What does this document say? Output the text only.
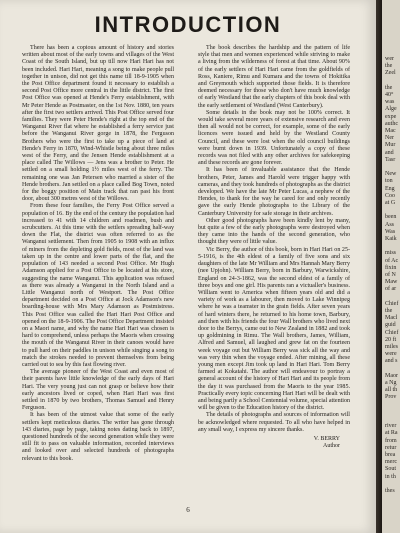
INTRODUCTION

There has been a copious amount of history and stories written about most of the early towns and villages of the West Coast of the South Island, but up till now Hari Hari has not been included. Hari Hari, meaning a song to make people pull together in unison, did not get this name till 18-9-1905 when the Post Office department found it necessary to establish a second Post Office more central in the little district. The first Post Office was opened at Hende's Ferry establishment, with Mr Peter Hende as Postmaster, on the 1st Nov. 1880, ten years after the first two settlers arrived. This Post Office served four families. They were Peter Hende's right at the top end of the Wanganui River flat where he established a ferry service just before the Wanganui River gorge in 1878, the Ferguson Brothers who were the first to take up a piece of land at Hende's Ferry in 1870, Wind-Whistle being about three miles west of the Ferry, and the Jensen Hende establishment at a place called The Willows — Jens was a brother to Peter. He settled on a small holding 1½ miles west of the ferry. The remaining one was Jan Petersen who married a sister of the Hende brothers. Jan settled on a place called Bog Town, noted for the boggy position of Main track that ran past his front door, about 300 metres west of the Willows.

From these four families, the Ferry Post Office served a population of 16. By the end of the century the population had increased to 41 with 14 children and roadmen, bush and scrubcutters. At this time with the settlers spreading half-way down the Flat, the district was often referred to as the Wanganui settlement. Then from 1905 to 1908 with an influx of miners from the depleting gold fields, most of the land was taken up in the centre and lower parts of the flat, and the population of 143 needed a second Post Office. Mr Hugh Adamson applied for a Post Office to be located at his store, suggesting the name Wanganui. This application was refused as there was already a Wanganui in the North Island and a Little Wanganui north of Westport. The Post Office department decided on a Post Office at Jock Adamson's new boarding-house with Mrs Mary Adamson as Postmistress. This Post Office was called the Hari Hari Post Office and opened on the 18-9-1906. The Post Office Department insisted on a Maori name, and why the name Hari Hari was chosen is hard to comprehend, unless perhaps the Maoris when crossing the mouth of the Wanganui River in their canoes would have to pull hard on their paddles in unison while singing a song to match the strokes needed to prevent themselves from being carried out to sea by this fast flowing river.

The average pioneer of the West Coast and even most of their parents have little knowledge of the early days of Hari Hari. The very young just can not grasp or believe how their early ancestors lived or coped, when Hari Hari was first settled in 1870 by two brothers, Thomas Samuel and Henry Ferguson.

It has been of the utmost value that some of the early settlers kept meticulous diaries. The writer has gone through 143 diaries, page by page, taking notes dating back to 1897, questioned hundreds of the second generation while they were still fit to pass on valuable information, recorded interviews and looked over and selected hundreds of photographs relevant to this book.

The book describes the hardship and the pattern of life style that men and women experienced while striving to make a living from the wilderness of forest at that time. About 90% of the early settlers of Hari Hari came from the goldfields of Ross, Kaniere, Rimu and Kumara and the towns of Hokitika and Greymouth which supported those fields. It is therefore deemed necessary for those who don't have much knowledge of early Westland that the early chapters of this book deal with the early settlement of Westland (West Canterbury).

Some details in the book may not be 100% correct. It would take several more years of extensive research and even then all would not be correct, for example, some of the early licences were issued and held by the Westland County Council, and these were lost when the old council buildings were burnt down in 1939. Unfortunately a copy of these records was not filed with any other archives for safekeeping and these records are gone forever.

It has been of invaluable assistance that the Hende brothers, Peter, James and Harold were trigger happy with cameras, and they took hundreds of photographs as the district developed. We have the late Mr Peter Lucas, a nephew of the Hendes, to thank for the way he cared for and only recently gave the early Hende photographs to the Library of the Canterbury University for safe storage in their archives.

Other good photographs have been kindly lent by many, but quite a few of the early photographs were destroyed when they came into the hands of the second generation, who thought they were of little value.

Vic Berry, the author of this book, born in Hari Hari on 25-5-1916, is the 4th eldest of a family of five sons and six daughters of the late Mr William and Mrs Hannah Mary Berry (nee Upjohn). William Berry, born in Barbury, Warwickshire, England on 24-3-1862, was the second eldest of a family of three boys and one girl. His parents ran a victualler's business. William went to America when fifteen years old and did a variety of work as a labourer, then moved to Lake Winnipeg where he was a teamster in the grain fields. After seven years of hard winters there, he returned to his home town, Barbury, and then with his friends the four Wall brothers who lived next door to the Berrys, came out to New Zealand in 1882 and took up goldmining in Rimu. The Wall brothers, James, William, Alfred and Samuel, all laughed and grew fat on the fourteen week voyage out but William Berry was sick all the way and was very thin when the voyage ended. After mining, all these young men except Jim took up land in Hari Hari. Tom Berry farmed at Kokatahi. The author will endeavour to portray a general account of the history of Hari Hari and its people from the day it was purchased from the Maoris to the year 1985. Practically every topic concerning Hari Hari will be dealt with and being partly a School Centennial volume, special attention will be given to the Education history of the district.

The details of photographs and sources of information will be acknowledged where requested. To all who have helped in any small way, I express my sincere thanks.

V. BERRY
Author
6
wer
the
Zeel
the
40°
was
Alge
expe
authc
Mac
Ner
Mur
and
Tasr
New
ton
Eng
Coo
at G
been
Ass
Was
Kaik
miss
of Ac
fixin
of N
Maw
of ar
Chief
the
Macl
guid
Chief
20 ft
miles
were
and s
Maor
a Ng
all th
Prov
river
at Ra
from
retur
brea
merc
Sout
in th
thes
